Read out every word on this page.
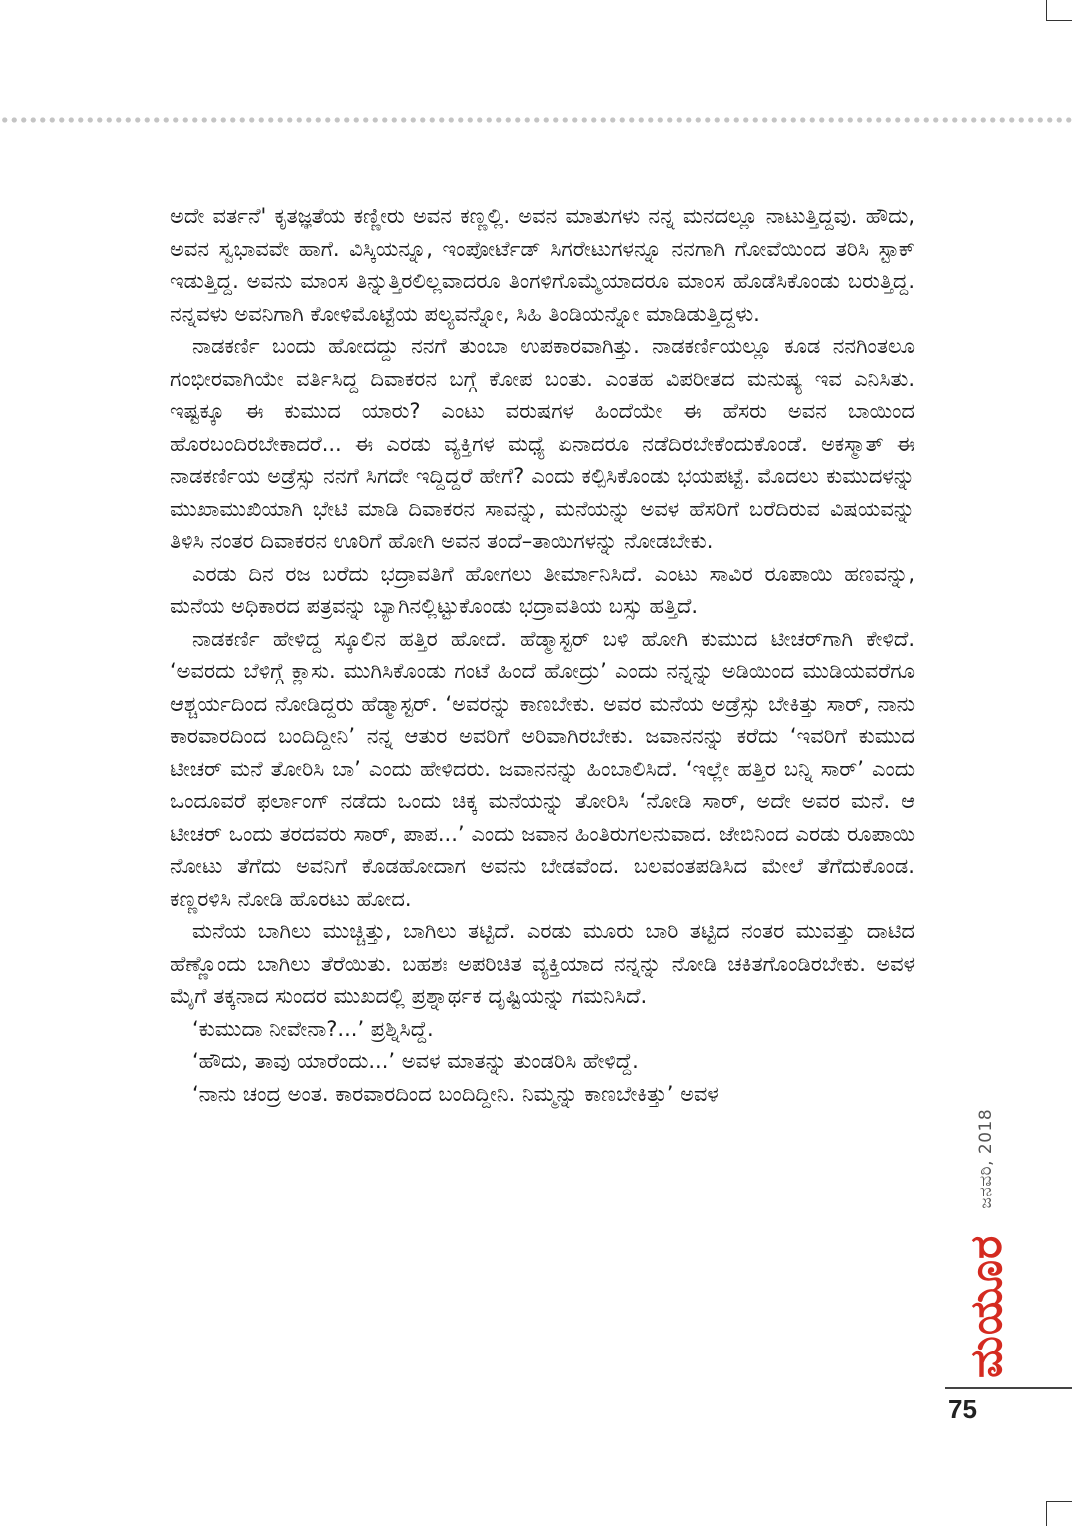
ಅದೇ ವರ್ತನೆ' ಕೃತಜ್ಞತೆಯ ಕಣ್ಣೀರು ಅವನ ಕಣ್ಣಲ್ಲಿ. ಅವನ ಮಾತುಗಳು ನನ್ನ ಮನದಲ್ಲೂ ನಾಟುತ್ತಿದ್ದವು. ಹೌದು, ಅವನ ಸ್ವಭಾವವೇ ಹಾಗೆ. ವಿಸ್ಕಿಯನ್ನೂ, ಇಂಪೋರ್ಟೆಡ್ ಸಿಗರೇಟುಗಳನ್ನೂ ನನಗಾಗಿ ಗೋವೆಯಿಂದ ತರಿಸಿ ಸ್ಟಾಕ್ ಇಡುತ್ತಿದ್ದ. ಅವನು ಮಾಂಸ ತಿನ್ನುತ್ತಿರಲಿಲ್ಲವಾದರೂ ತಿಂಗಳಿಗೊಮ್ಮೆಯಾದರೂ ಮಾಂಸ ಹೊಡೆಸಿಕೊಂಡು ಬರುತ್ತಿದ್ದ. ನನ್ನವಳು ಅವನಿಗಾಗಿ ಕೋಳಿಮೊಟ್ಟೆಯ ಪಲ್ಯವನ್ನೋ, ಸಿಹಿ ತಿಂಡಿಯನ್ನೋ ಮಾಡಿಡುತ್ತಿದ್ದಳು.

ನಾಡಕರ್ಣಿ ಬಂದು ಹೋದದ್ದು ನನಗೆ ತುಂಬಾ ಉಪಕಾರವಾಗಿತ್ತು. ನಾಡಕರ್ಣಿಯಲ್ಲೂ ಕೂಡ ನನಗಿಂತಲೂ ಗಂಭೀರವಾಗಿಯೇ ವರ್ತಿಸಿದ್ದ ದಿವಾಕರನ ಬಗ್ಗೆ ಕೋಪ ಬಂತು. ಎಂತಹ ವಿಪರೀತದ ಮನುಷ್ಯ ಇವ ಎನಿಸಿತು. ಇಷ್ಟಕ್ಕೂ ಈ ಕುಮುದ ಯಾರು? ಎಂಟು ವರುಷಗಳ ಹಿಂದೆಯೇ ಈ ಹೆಸರು ಅವನ ಬಾಯಿಂದ ಹೊರಬಂದಿರಬೇಕಾದರೆ... ಈ ಎರಡು ವ್ಯಕ್ತಿಗಳ ಮಧ್ಯೆ ಏನಾದರೂ ನಡೆದಿರಬೇಕೆಂದುಕೊಂಡೆ. ಅಕಸ್ಮಾತ್ ಈ ನಾಡಕರ್ಣಿಯ ಅಡ್ರೆಸ್ಸು ನನಗೆ ಸಿಗದೇ ಇದ್ದಿದ್ದರೆ ಹೇಗೆ? ಎಂದು ಕಲ್ಪಿಸಿಕೊಂಡು ಭಯಪಟ್ಟೆ. ಮೊದಲು ಕುಮುದಳನ್ನು ಮುಖಾಮುಖಿಯಾಗಿ ಭೇಟಿ ಮಾಡಿ ದಿವಾಕರನ ಸಾವನ್ನು, ಮನೆಯನ್ನು ಅವಳ ಹೆಸರಿಗೆ ಬರೆದಿರುವ ವಿಷಯವನ್ನು ತಿಳಿಸಿ ನಂತರ ದಿವಾಕರನ ಊರಿಗೆ ಹೋಗಿ ಅವನ ತಂದೆ–ತಾಯಿಗಳನ್ನು ನೋಡಬೇಕು.

ಎರಡು ದಿನ ರಜ ಬರೆದು ಭದ್ರಾವತಿಗೆ ಹೋಗಲು ತೀರ್ಮಾನಿಸಿದೆ. ಎಂಟು ಸಾವಿರ ರೂಪಾಯಿ ಹಣವನ್ನು, ಮನೆಯ ಅಧಿಕಾರದ ಪತ್ರವನ್ನು ಬ್ಯಾಗಿನಲ್ಲಿಟ್ಟುಕೊಂಡು ಭದ್ರಾವತಿಯ ಬಸ್ಸು ಹತ್ತಿದೆ.

ನಾಡಕರ್ಣಿ ಹೇಳಿದ್ದ ಸ್ಕೂಲಿನ ಹತ್ತಿರ ಹೋದೆ. ಹೆಡ್ಮಾಸ್ಟರ್ ಬಳಿ ಹೋಗಿ ಕುಮುದ ಟೀಚರ್‌ಗಾಗಿ ಕೇಳಿದೆ. ‘ಅವರದು ಬೆಳಿಗ್ಗೆ ಕ್ಲಾಸು. ಮುಗಿಸಿಕೊಂಡು ಗಂಟೆ ಹಿಂದೆ ಹೋದ್ರು’ ಎಂದು ನನ್ನನ್ನು ಅಡಿಯಿಂದ ಮುಡಿಯವರೆಗೂ ಆಶ್ಚರ್ಯದಿಂದ ನೋಡಿದ್ದರು ಹೆಡ್ಮಾಸ್ಟರ್. ‘ಅವರನ್ನು ಕಾಣಬೇಕು. ಅವರ ಮನೆಯ ಅಡ್ರೆಸ್ಸು ಬೇಕಿತ್ತು ಸಾರ್, ನಾನು ಕಾರವಾರದಿಂದ ಬಂದಿದ್ದೀನಿ’ ನನ್ನ ಆತುರ ಅವರಿಗೆ ಅರಿವಾಗಿರಬೇಕು. ಜವಾನನನ್ನು ಕರೆದು ‘ಇವರಿಗೆ ಕುಮುದ ಟೀಚರ್ ಮನೆ ತೋರಿಸಿ ಬಾ’ ಎಂದು ಹೇಳಿದರು. ಜವಾನನನ್ನು ಹಿಂಬಾಲಿಸಿದೆ. ‘ಇಲ್ಲೇ ಹತ್ತಿರ ಬನ್ನಿ ಸಾರ್’ ಎಂದು ಒಂದೂವರೆ ಫರ್ಲಾಂಗ್ ನಡೆದು ಒಂದು ಚಿಕ್ಕ ಮನೆಯನ್ನು ತೋರಿಸಿ ‘ನೋಡಿ ಸಾರ್, ಅದೇ ಅವರ ಮನೆ. ಆ ಟೀಚರ್ ಒಂದು ತರದವರು ಸಾರ್, ಪಾಪ...’ ಎಂದು ಜವಾನ ಹಿಂತಿರುಗಲನುವಾದ. ಜೇಬಿನಿಂದ ಎರಡು ರೂಪಾಯಿ ನೋಟು ತೆಗೆದು ಅವನಿಗೆ ಕೊಡಹೋದಾಗ ಅವನು ಬೇಡವೆಂದ. ಬಲವಂತಪಡಿಸಿದ ಮೇಲೆ ತೆಗೆದುಕೊಂಡ. ಕಣ್ಣರಳಿಸಿ ನೋಡಿ ಹೊರಟು ಹೋದ.

ಮನೆಯ ಬಾಗಿಲು ಮುಚ್ಚಿತ್ತು, ಬಾಗಿಲು ತಟ್ಟಿದೆ. ಎರಡು ಮೂರು ಬಾರಿ ತಟ್ಟಿದ ನಂತರ ಮುವತ್ತು ದಾಟಿದ ಹೆಣ್ಣೊಂದು ಬಾಗಿಲು ತೆರೆಯಿತು. ಬಹಶಃ ಅಪರಿಚಿತ ವ್ಯಕ್ತಿಯಾದ ನನ್ನನ್ನು ನೋಡಿ ಚಕಿತಗೊಂಡಿರಬೇಕು. ಅವಳ ಮೈಗೆ ತಕ್ಕನಾದ ಸುಂದರ ಮುಖದಲ್ಲಿ ಪ್ರಶ್ನಾರ್ಥಕ ದೃಷ್ಟಿಯನ್ನು ಗಮನಿಸಿದೆ.

‘ಕುಮುದಾ ನೀವೇನಾ?...’ ಪ್ರಶ್ನಿಸಿದ್ದೆ.

‘ಹೌದು, ತಾವು ಯಾರೆಂದು...’ ಅವಳ ಮಾತನ್ನು ತುಂಡರಿಸಿ ಹೇಳಿದ್ದೆ.

‘ನಾನು ಚಂದ್ರ ಅಂತ. ಕಾರವಾರದಿಂದ ಬಂದಿದ್ದೀನಿ. ನಿಮ್ಮನ್ನು ಕಾಣಬೇಕಿತ್ತು’ ಅವಳ

ಮಯೂರ
ಜನವರಿ, 2018
75
